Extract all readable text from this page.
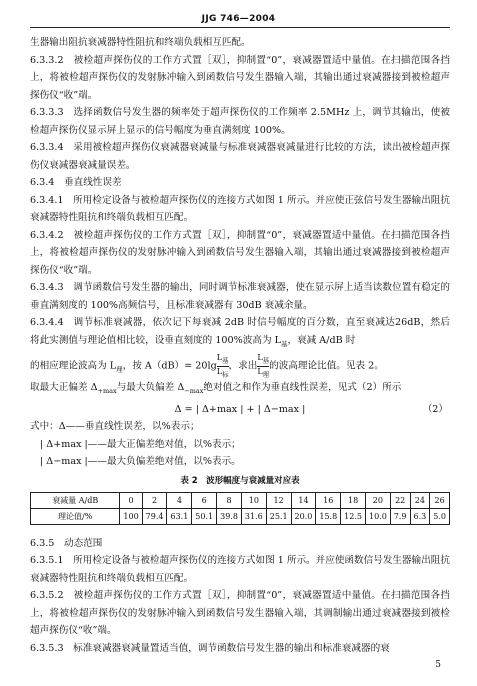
JJG 746—2004

生器输出阻抗衰减器特性阻抗和终端负载相互匹配。

6.3.3.2　被检超声探伤仪的工作方式置［双］，抑制置“0”，衰减器置适中量值。在扫描范围各挡上，将被检超声探伤仪的发射脉冲输入到函数信号发生器输入端，其输出通过衰减器接到被检超声探伤仪“收”端。

6.3.3.3　选择函数信号发生器的频率处于超声探伤仪的工作频率 2.5MHz 上，调节其输出，使被检超声探伤仪显示屏上显示的信号幅度为垂直满刻度 100%。

6.3.3.4　采用被检超声探伤仪衰减器衰减量与标准衰减器衰减量进行比较的方法，读出被检超声探伤仪衰减器衰减量误差。

6.3.4　垂直线性误差

6.3.4.1　所用检定设备与被检超声探伤仪的连接方式如图 1 所示。并应使正弦信号发生器输出阻抗衰减器特性阻抗和终端负载相互匹配。

6.3.4.2　被检超声探伤仪的工作方式置［双］，抑制置“0”，衰减器置适中量值。在扫描范围各挡上，将被检超声探伤仪的发射脉冲输入到函数信号发生器输入端，其输出通过衰减器接到被检超声探伤仪“收”端。

6.3.4.3　调节函数信号发生器的输出，同时调节标准衰减器，使在显示屏上适当读数位置有稳定的垂直满刻度的 100%高频信号，且标准衰减器有 30dB 衰减余量。

6.3.4.4　调节标准衰减器，依次记下每衰减 2dB 时信号幅度的百分数，直至衰减达26dB，然后将此实测值与理论值相比较，设垂直刻度的 100%波高为 $L_基$，衰减 A/dB 时

的相应理论波高为 $L_理$，按 $A(dB)= 20\lg \frac{L_基}{L_标}$ ，求出 $\frac{L_基}{L_理}$ 的波高理论比值。见表 2。

取最大正偏差 $\Delta_{+max}$与最大负偏差 $\Delta_{-max}$绝对值之和作为垂直线性误差，见式（2）所示

Δ = | Δ+max | + | Δ−max |	（2）

式中：Δ——垂直线性误差，以%表示；

| Δ+max |——最大正偏差绝对值，以%表示；

| Δ−max |——最大负偏差绝对值，以%表示。

表 2　波形幅度与衰减量对应表
衰减量 A/dB	0	2	4	6	8	10	12	14	16	18	20	22	24	26
理论值/%	100	79.4	63.1	50.1	39.8	31.6	25.1	20.0	15.8	12.5	10.0	7.9	6.3	5.0

6.3.5　动态范围

6.3.5.1　所用检定设备与被检超声探伤仪的连接方式如图 1 所示。并应使函数信号发生器输出阻抗衰减器特性阻抗和终端负载相互匹配。

6.3.5.2　被检超声探伤仪的工作方式置［双］，抑制置“0”，衰减器置适中量值。在扫描范围各挡上，将被检超声探伤仪的发射脉冲输入到函数信号发生器输入端，其调制输出通过衰减器接到被检超声探伤仪“收”端。

6.3.5.3　标准衰减器衰减量置适当值，调节函数信号发生器的输出和标准衰减器的衰

5
